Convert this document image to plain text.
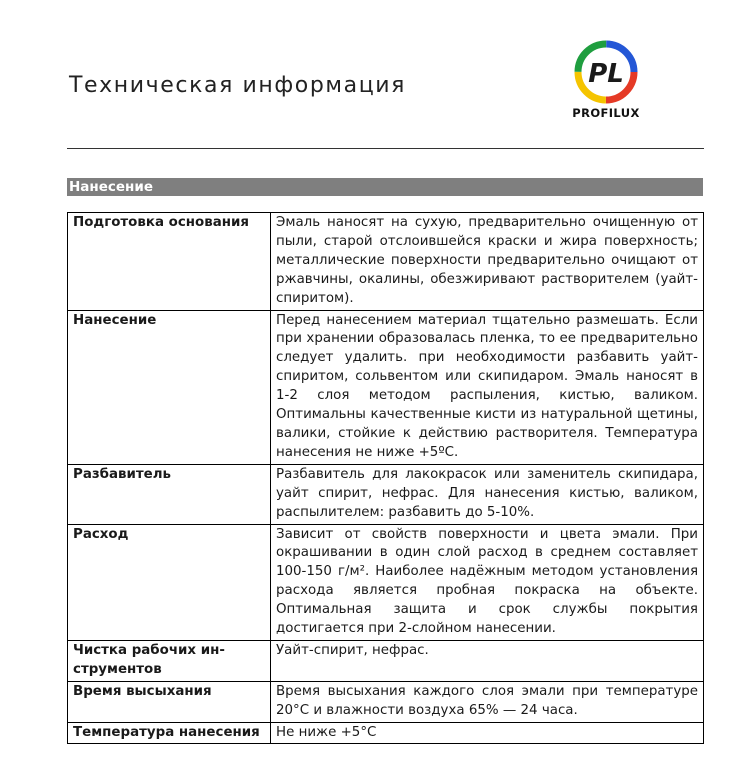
Техническая информация	PL
PROFILUX
Нанесение
Подготовка основания	Эмаль наносят на сухую, предварительно очищенную от пыли, старой отслоившейся краски и жира поверхность; металлические поверхности предварительно очищают от ржавчины, окалины, обезжиривают растворителем (уайт-спиритом).
Нанесение	Перед нанесением материал тщательно размешать. Если при хранении образовалась пленка, то ее предварительно следует удалить. при необходимости разбавить уайт-спиритом, сольвентом или скипидаром. Эмаль наносят в 1-2 слоя методом распыления, кистью, валиком. Оптимальны качественные кисти из натуральной щетины, валики, стойкие к действию растворителя. Температура нанесения не ниже +5ºС.
Разбавитель	Разбавитель для лакокрасок или заменитель скипидара, уайт спирит, нефрас. Для нанесения кистью, валиком, распылителем: разбавить до 5-10%.
Расход	Зависит от свойств поверхности и цвета эмали. При окрашивании в один слой расход в среднем составляет 100-150 г/м². Наиболее надёжным методом установления расхода является пробная покраска на объекте. Оптимальная защита и срок службы покрытия достигается при 2-слойном нанесении.
Чистка рабочих инструментов	Уайт-спирит, нефрас.
Время высыхания	Время высыхания каждого слоя эмали при температуре 20°С и влажности воздуха 65% — 24 часа.
Температура нанесения	Не ниже +5°С
